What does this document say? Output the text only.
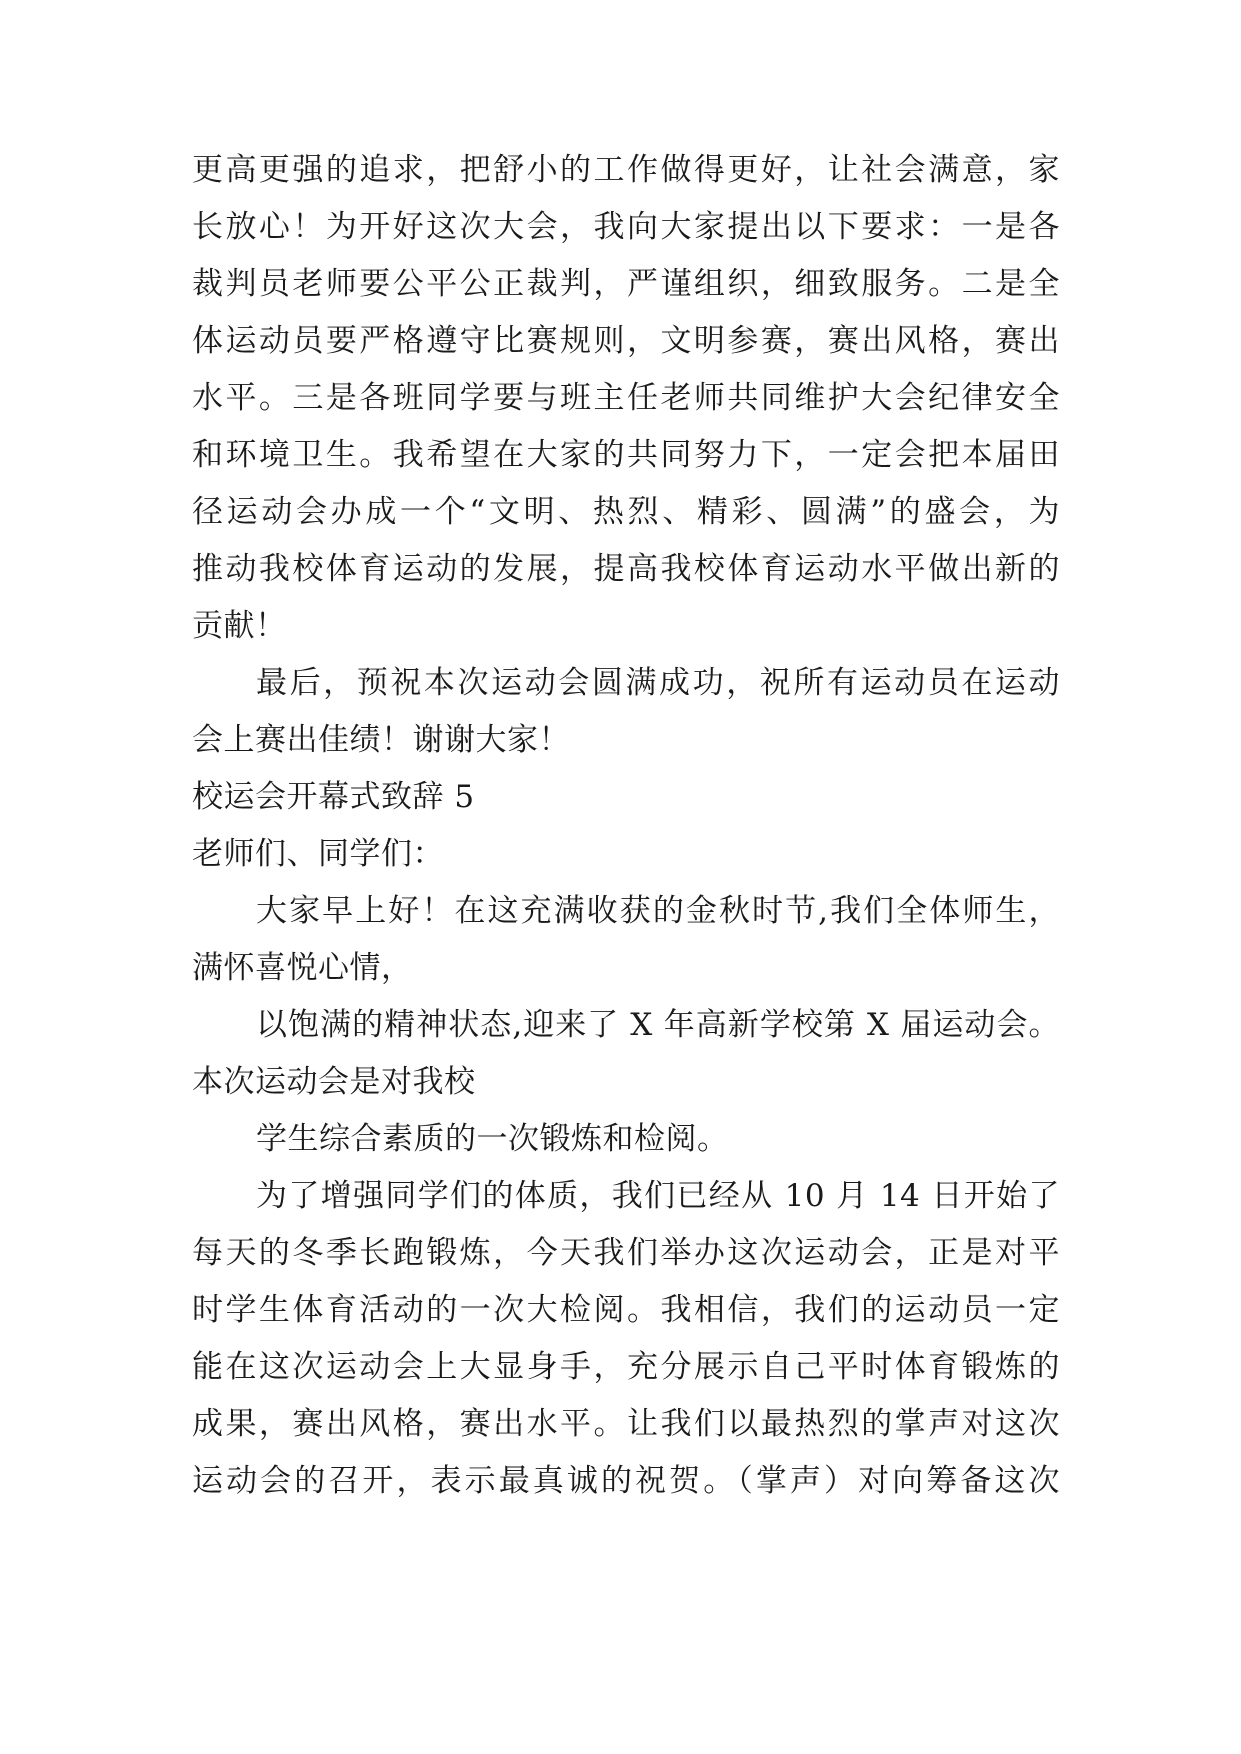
更高更强的追求，把舒小的工作做得更好，让社会满意，家
长放心！为开好这次大会，我向大家提出以下要求：一是各
裁判员老师要公平公正裁判，严谨组织，细致服务。二是全
体运动员要严格遵守比赛规则，文明参赛，赛出风格，赛出
水平。三是各班同学要与班主任老师共同维护大会纪律安全
和环境卫生。我希望在大家的共同努力下，一定会把本届田
径运动会办成一个“文明、热烈、精彩、圆满”的盛会，为
推动我校体育运动的发展，提高我校体育运动水平做出新的
贡献！
最后，预祝本次运动会圆满成功，祝所有运动员在运动
会上赛出佳绩！谢谢大家！
校运会开幕式致辞 5
老师们、同学们：
大家早上好！在这充满收获的金秋时节,我们全体师生，
满怀喜悦心情，
以饱满的精神状态,迎来了 X 年高新学校第 X 届运动会。
本次运动会是对我校
学生综合素质的一次锻炼和检阅。
为了增强同学们的体质，我们已经从 10 月 14 日开始了
每天的冬季长跑锻炼，今天我们举办这次运动会，正是对平
时学生体育活动的一次大检阅。我相信，我们的运动员一定
能在这次运动会上大显身手，充分展示自己平时体育锻炼的
成果，赛出风格，赛出水平。让我们以最热烈的掌声对这次
运动会的召开，表示最真诚的祝贺。（掌声）对向筹备这次
